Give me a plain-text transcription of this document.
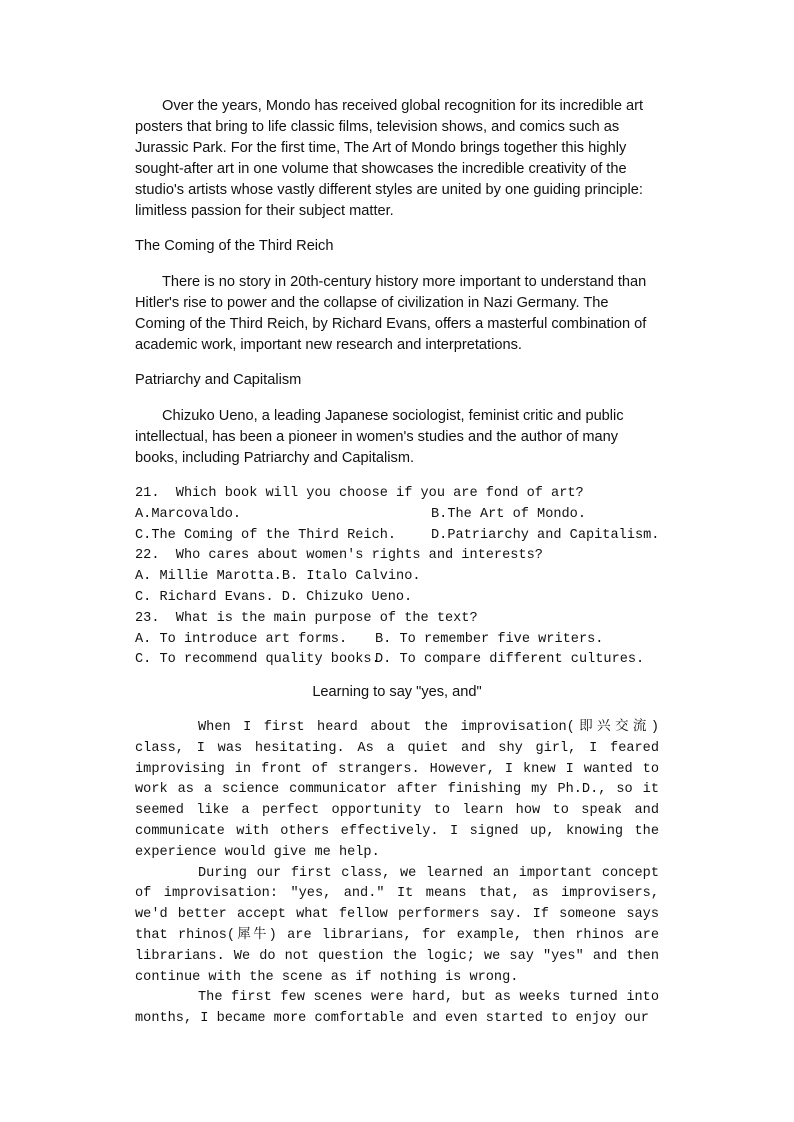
Over the years, Mondo has received global recognition for its incredible art posters that bring to life classic films, television shows, and comics such as Jurassic Park. For the first time, The Art of Mondo brings together this highly sought-after art in one volume that showcases the incredible creativity of the studio's artists whose vastly different styles are united by one guiding principle: limitless passion for their subject matter.

The Coming of the Third Reich

There is no story in 20th-century history more important to understand than Hitler's rise to power and the collapse of civilization in Nazi Germany. The Coming of the Third Reich, by Richard Evans, offers a masterful combination of academic work, important new research and interpretations.

Patriarchy and Capitalism

Chizuko Ueno, a leading Japanese sociologist, feminist critic and public intellectual, has been a pioneer in women's studies and the author of many books, including Patriarchy and Capitalism.

21.  Which book will you choose if you are fond of art?
A.Marcovaldo.	B.The Art of Mondo.
C.The Coming of the Third Reich.	D.Patriarchy and Capitalism.
22.  Who cares about women's rights and interests?
A. Millie Marotta. B. Italo Calvino.
C. Richard Evans. D. Chizuko Ueno.
23.  What is the main purpose of the text?
A. To introduce art forms.	B. To remember five writers.
C. To recommend quality books.
D. To compare different cultures.

Learning to say "yes, and"

When I first heard about the improvisation(即兴交流) class, I was hesitating. As a quiet and shy girl, I feared improvising in front of strangers. However, I knew I wanted to work as a science communicator after finishing my Ph.D., so it seemed like a perfect opportunity to learn how to speak and communicate with others effectively. I signed up, knowing the experience would give me help.

During our first class, we learned an important concept of improvisation: "yes, and." It means that, as improvisers, we'd better accept what fellow performers say. If someone says that rhinos(犀牛) are librarians, for example, then rhinos are librarians. We do not question the logic; we say "yes" and then continue with the scene as if nothing is wrong.

The first few scenes were hard, but as weeks turned into months, I became more comfortable and even started to enjoy our
